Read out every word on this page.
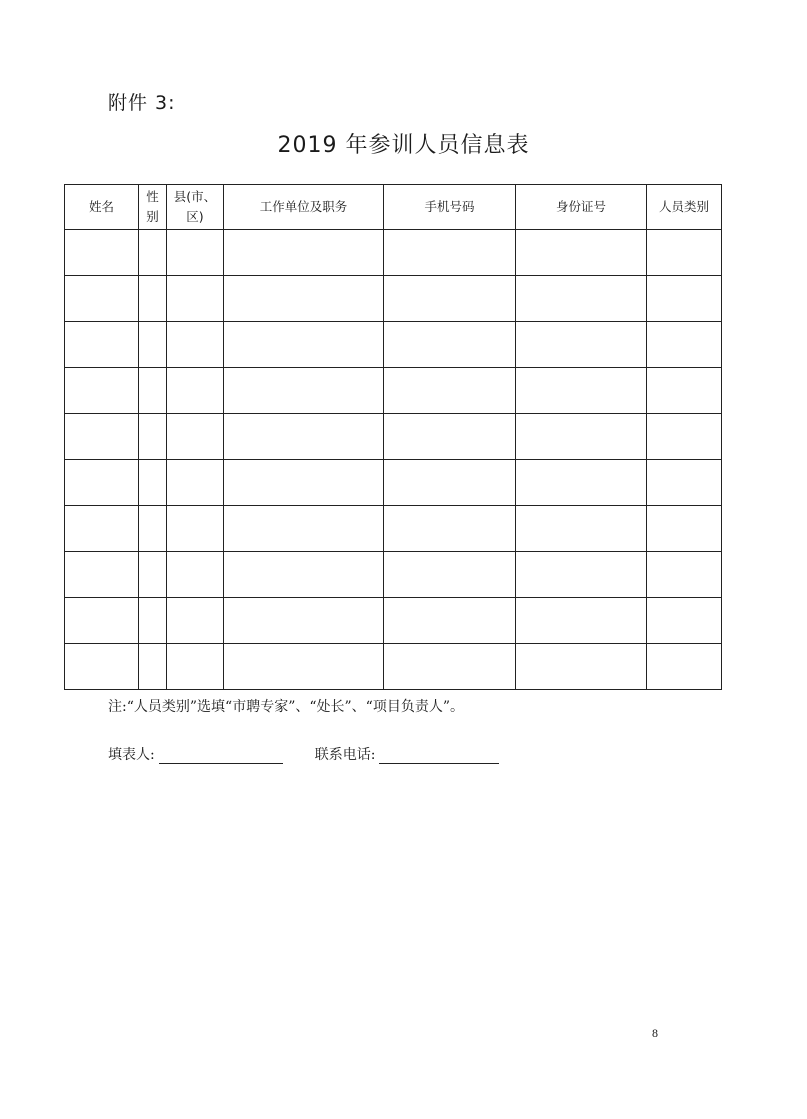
附件 3:
2019 年参训人员信息表
姓名	性别	县(市、区)	工作单位及职务	手机号码	身份证号	人员类别

注:“人员类别”选填“市聘专家”、“处长”、“项目负责人”。
填表人:	联系电话:
8
